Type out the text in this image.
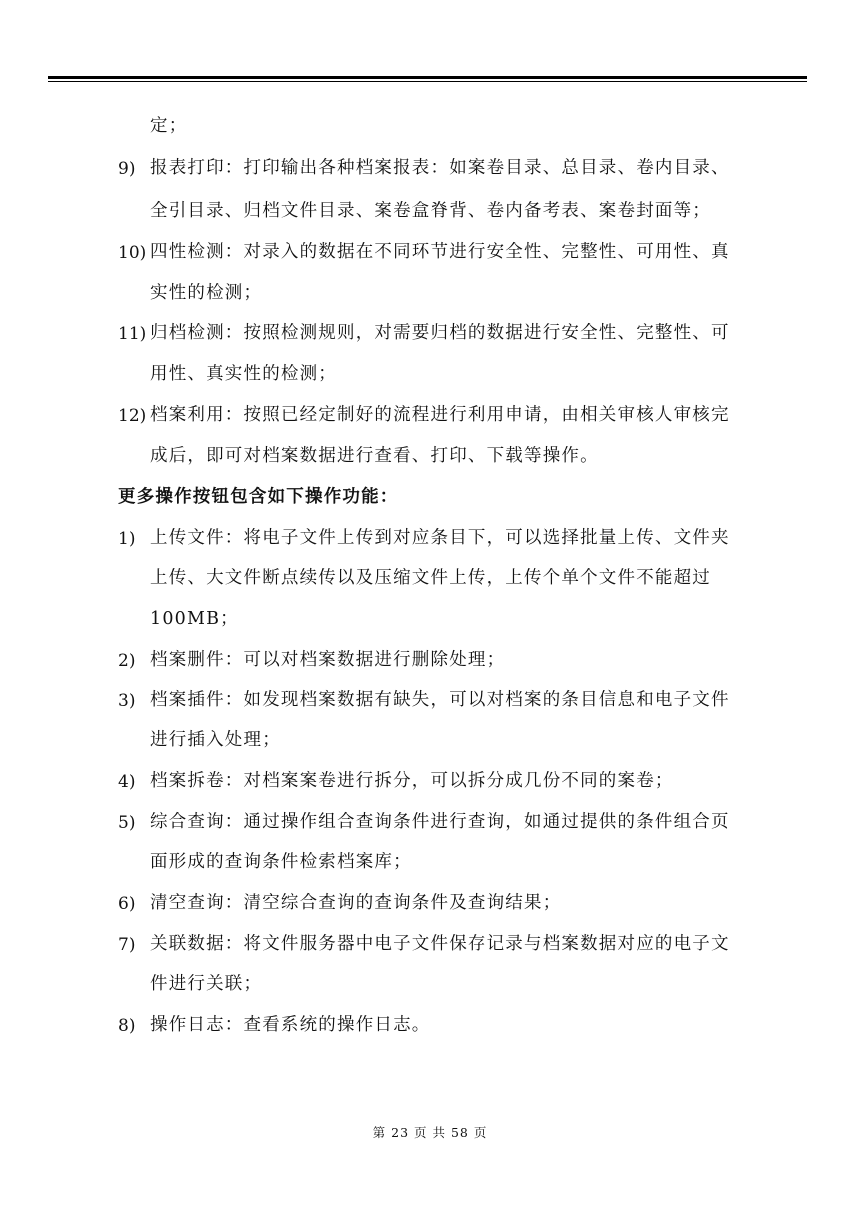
定；
9) 报表打印：打印输出各种档案报表：如案卷目录、总目录、卷内目录、
全引目录、归档文件目录、案卷盒脊背、卷内备考表、案卷封面等；
10) 四性检测：对录入的数据在不同环节进行安全性、完整性、可用性、真
实性的检测；
11) 归档检测：按照检测规则，对需要归档的数据进行安全性、完整性、可
用性、真实性的检测；
12) 档案利用：按照已经定制好的流程进行利用申请，由相关审核人审核完
成后，即可对档案数据进行查看、打印、下载等操作。
更多操作按钮包含如下操作功能：
1) 上传文件：将电子文件上传到对应条目下，可以选择批量上传、文件夹
上传、大文件断点续传以及压缩文件上传，上传个单个文件不能超过
100MB；
2) 档案删件：可以对档案数据进行删除处理；
3) 档案插件：如发现档案数据有缺失，可以对档案的条目信息和电子文件
进行插入处理；
4) 档案拆卷：对档案案卷进行拆分，可以拆分成几份不同的案卷；
5) 综合查询：通过操作组合查询条件进行查询，如通过提供的条件组合页
面形成的查询条件检索档案库；
6) 清空查询：清空综合查询的查询条件及查询结果；
7) 关联数据：将文件服务器中电子文件保存记录与档案数据对应的电子文
件进行关联；
8) 操作日志：查看系统的操作日志。
第 23 页 共 58 页
